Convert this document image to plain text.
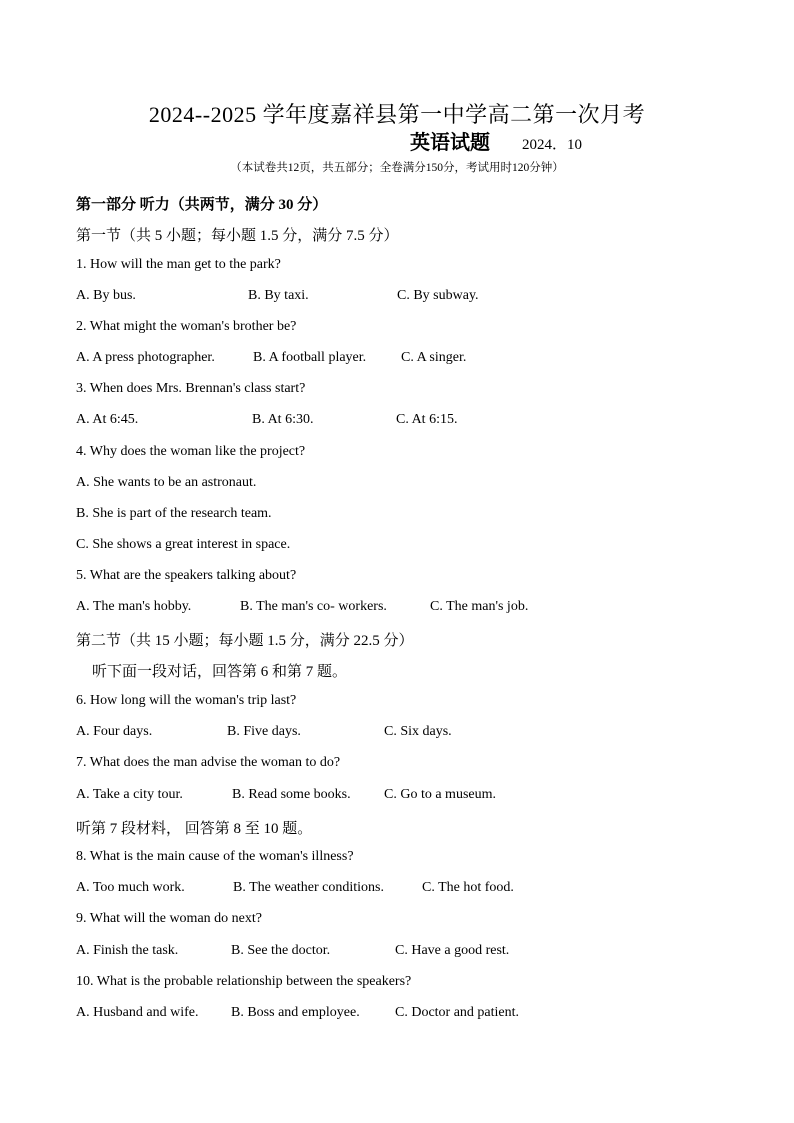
2024--2025 学年度嘉祥县第一中学高二第一次月考
英语试题 2024．10
（本试卷共12页，共五部分；全卷满分150分，考试用时120分钟）
第一部分 听力（共两节，满分 30 分）
第一节（共 5 小题；每小题 1.5 分，满分 7.5 分）
1. How will the man get to the park?
A. By bus.	B. By taxi.	C. By subway.
2. What might the woman's brother be?
A. A press photographer.	B. A football player. C. A singer.
3. When does Mrs. Brennan's class start?
A. At 6:45.	B. At 6:30.	C. At 6:15.
4. Why does the woman like the project?
A. She wants to be an astronaut.
B. She is part of the research team.
C. She shows a great interest in space.
5. What are the speakers talking about?
A. The man's hobby.	B. The man's co- workers.	C. The man's job.
第二节（共 15 小题；每小题 1.5 分，满分 22.5 分）
听下面一段对话，回答第 6 和第 7 题。
6. How long will the woman's trip last?
A. Four days.	B. Five days.	C. Six days.
7. What does the man advise the woman to do?
A. Take a city tour.	B. Read some books. C. Go to a museum.
听第 7 段材料， 回答第 8 至 10 题。
8. What is the main cause of the woman's illness?
A. Too much work.	B. The weather conditions.	C. The hot food.
9. What will the woman do next?
A. Finish the task.	B. See the doctor.	C. Have a good rest.
10. What is the probable relationship between the speakers?
A. Husband and wife. B. Boss and employee.	C. Doctor and patient.
